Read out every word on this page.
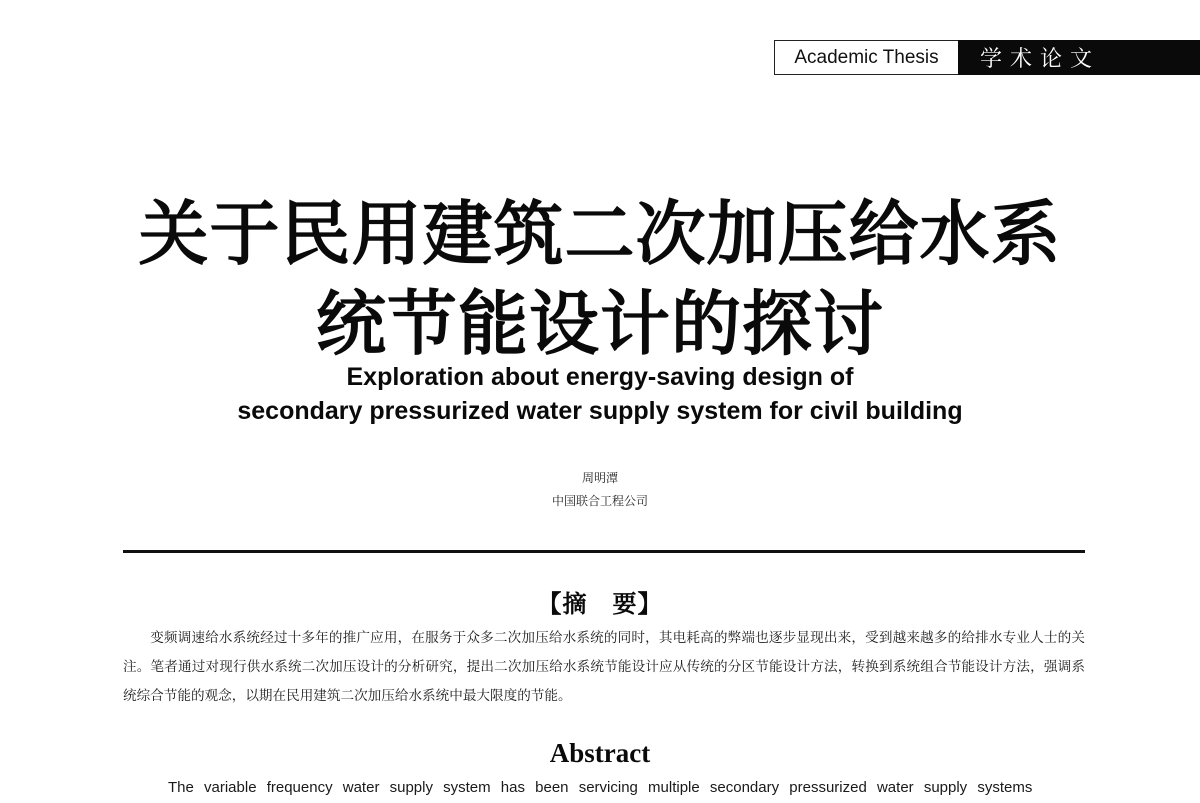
Academic Thesis	学术论文
关于民用建筑二次加压给水系
统节能设计的探讨
Exploration about energy-saving design of
secondary pressurized water supply system for civil building

周明潭

中国联合工程公司

【摘　要】

变频调速给水系统经过十多年的推广应用，在服务于众多二次加压给水系统的同时，其电耗高的弊端也逐步显现出来，受到越来越多的给排水专业人士的关注。笔者通过对现行供水系统二次加压设计的分析研究，提出二次加压给水系统节能设计应从传统的分区节能设计方法，转换到系统组合节能设计方法，强调系统综合节能的观念，以期在民用建筑二次加压给水系统中最大限度的节能。

Abstract

The variable frequency water supply system has been servicing multiple secondary pressurized water supply systems
